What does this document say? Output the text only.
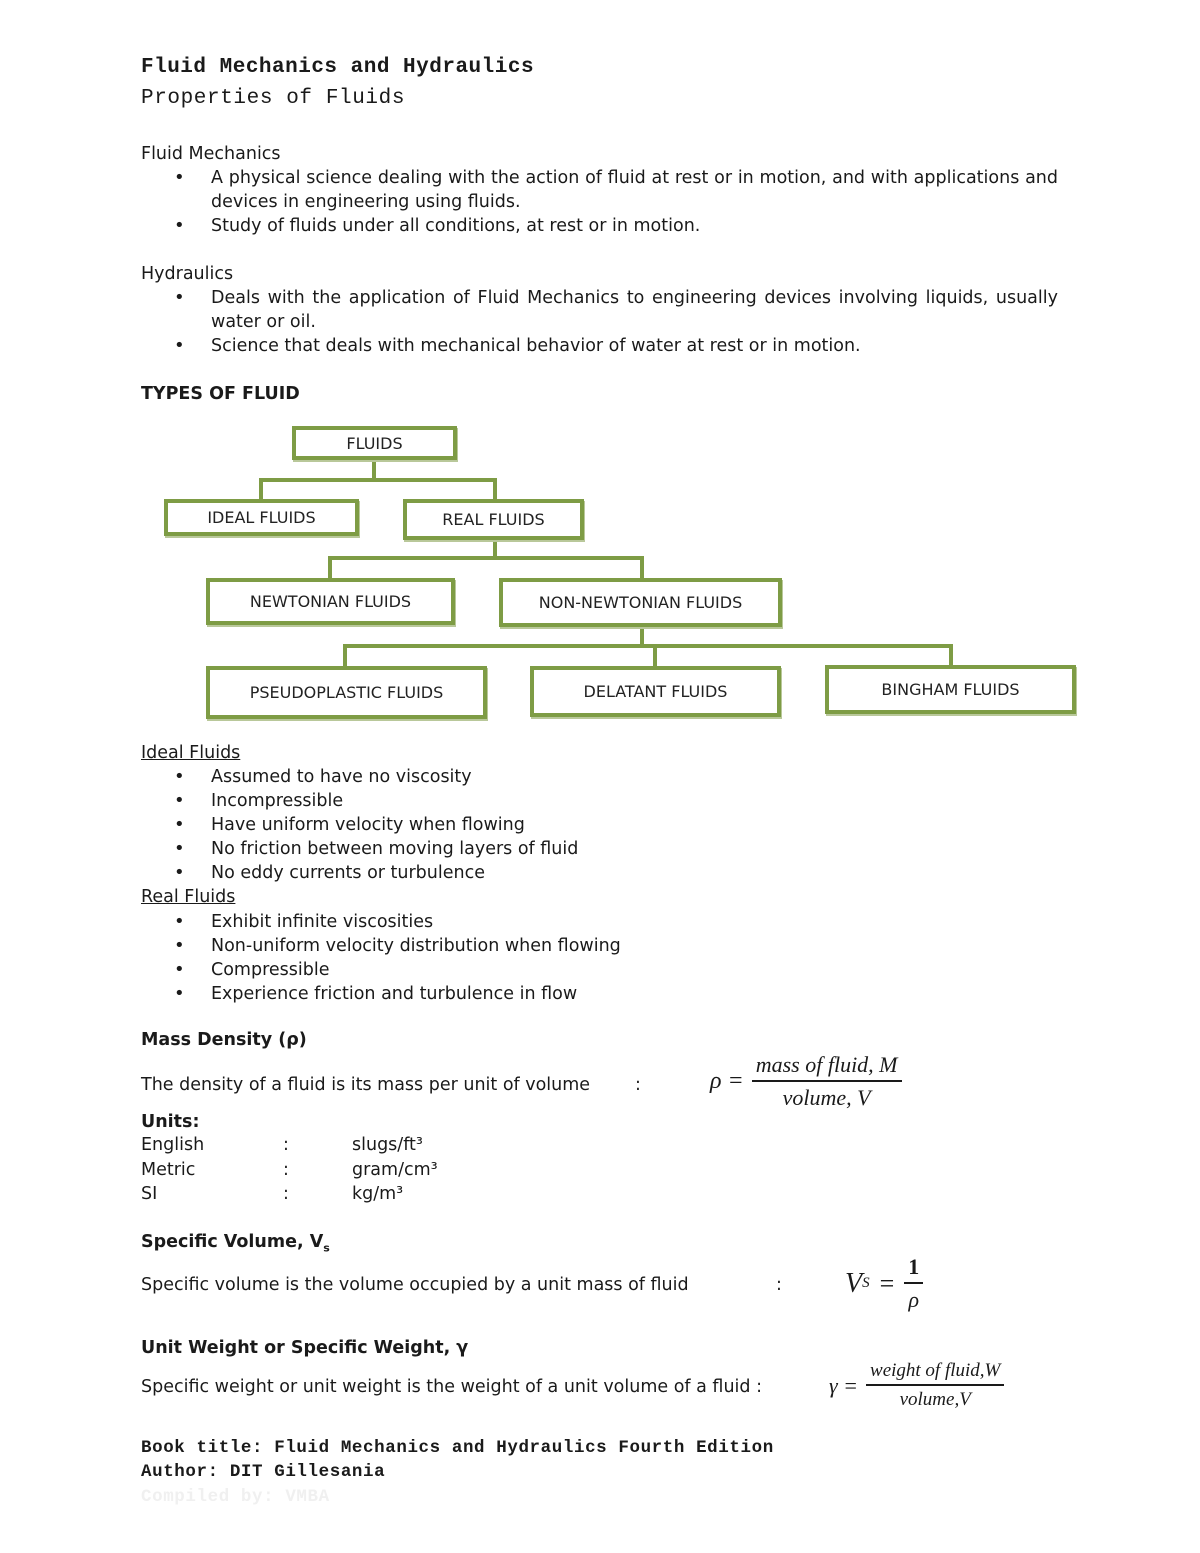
Fluid Mechanics and Hydraulics
Properties of Fluids
Fluid Mechanics
• A physical science dealing with the action of fluid at rest or in motion, and with applications and devices in engineering using fluids.
• Study of fluids under all conditions, at rest or in motion.
Hydraulics
• Deals with the application of Fluid Mechanics to engineering devices involving liquids, usually water or oil.
• Science that deals with mechanical behavior of water at rest or in motion.
TYPES OF FLUID
FLUIDS
IDEAL FLUIDS	REAL FLUIDS
NEWTONIAN FLUIDS	NON-NEWTONIAN FLUIDS
PSEUDOPLASTIC FLUIDS	DELATANT FLUIDS	BINGHAM FLUIDS
Ideal Fluids
• Assumed to have no viscosity
• Incompressible
• Have uniform velocity when flowing
• No friction between moving layers of fluid
• No eddy currents or turbulence
Real Fluids
• Exhibit infinite viscosities
• Non-uniform velocity distribution when flowing
• Compressible
• Experience friction and turbulence in flow
Mass Density (ρ)
The density of a fluid is its mass per unit of volume	:	$\rho = \frac{\text{mass of fluid, M}}{\text{volume, V}}$
Units:
English	:	slugs/ft³
Metric	:	gram/cm³
SI	:	kg/m³
Specific Volume, $V_s$
Specific volume is the volume occupied by a unit mass of fluid	: V $S = \frac{1}{\rho}$
Unit Weight or Specific Weight, γ
Specific weight or unit weight is the weight of a unit volume of a fluid :	$\gamma = \frac{\text{weight of fluid,W}}{\text{volume,V}}$
Book title: Fluid Mechanics and Hydraulics Fourth Edition
Author: DIT Gillesania
Compiled by: VMBA
